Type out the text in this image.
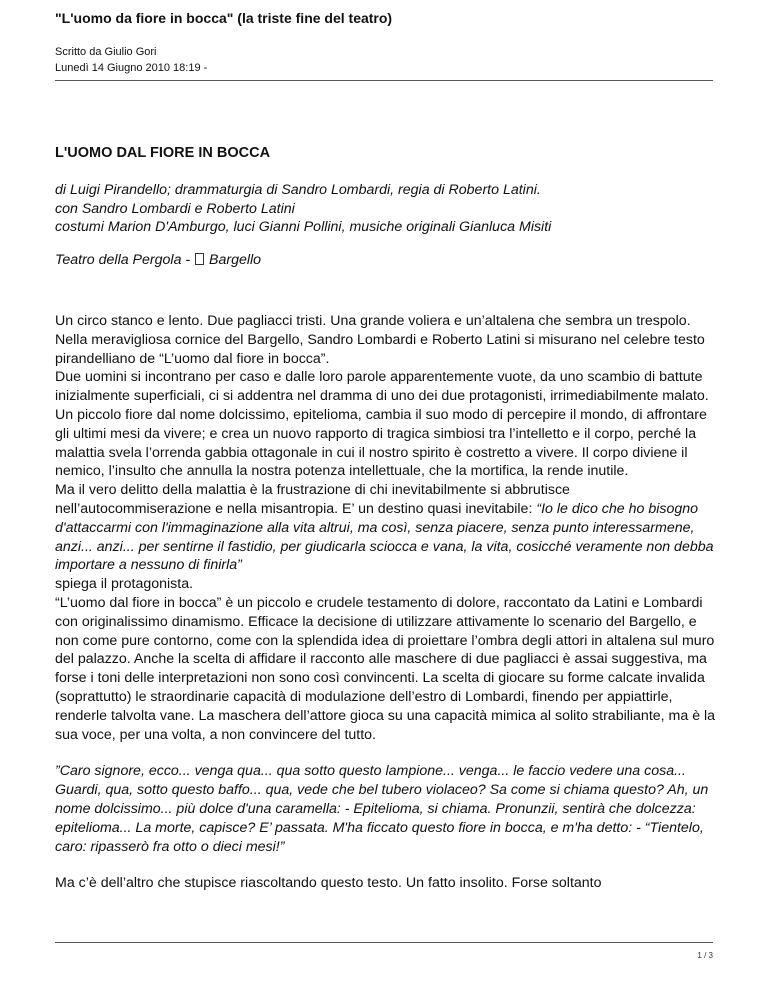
"L'uomo da fiore in bocca" (la triste fine del teatro)
Scritto da Giulio Gori
Lunedì 14 Giugno 2010 18:19 -

L'UOMO DAL FIORE IN BOCCA

di Luigi Pirandello; drammaturgia di Sandro Lombardi, regia di Roberto Latini.

con Sandro Lombardi e Roberto Latini

costumi Marion D'Amburgo, luci Gianni Pollini, musiche originali Gianluca Misiti

Teatro della Pergola -  Bargello

Un circo stanco e lento. Due pagliacci tristi. Una grande voliera e un’altalena che sembra un trespolo. Nella meravigliosa cornice del Bargello, Sandro Lombardi e Roberto Latini si misurano nel celebre testo pirandelliano de “L’uomo dal fiore in bocca”.

Due uomini si incontrano per caso e dalle loro parole apparentemente vuote, da uno scambio di battute inizialmente superficiali, ci si addentra nel dramma di uno dei due protagonisti, irrimediabilmente malato. Un piccolo fiore dal nome dolcissimo, epitelioma, cambia il suo modo di percepire il mondo, di affrontare gli ultimi mesi da vivere; e crea un nuovo rapporto di tragica simbiosi tra l’intelletto e il corpo, perché la malattia svela l’orrenda gabbia ottagonale in cui il nostro spirito è costretto a vivere. Il corpo diviene il nemico, l’insulto che annulla la nostra potenza intellettuale, che la mortifica, la rende inutile.

Ma il vero delitto della malattia è la frustrazione di chi inevitabilmente si abbrutisce nell’autocommiserazione e nella misantropia. E’ un destino quasi inevitabile: “Io le dico che ho bisogno d'attaccarmi con l'immaginazione alla vita altrui, ma così, senza piacere, senza punto interessarmene, anzi... anzi... per sentirne il fastidio, per giudicarla sciocca e vana, la vita, cosicché veramente non debba importare a nessuno di finirla”

spiega il protagonista.

“L’uomo dal fiore in bocca” è un piccolo e crudele testamento di dolore, raccontato da Latini e Lombardi con originalissimo dinamismo. Efficace la decisione di utilizzare attivamente lo scenario del Bargello, e non come pure contorno, come con la splendida idea di proiettare l’ombra degli attori in altalena sul muro del palazzo. Anche la scelta di affidare il racconto alle maschere di due pagliacci è assai suggestiva, ma forse i toni delle interpretazioni non sono così convincenti. La scelta di giocare su forme calcate invalida (soprattutto) le straordinarie capacità di modulazione dell’estro di Lombardi, finendo per appiattirle, renderle talvolta vane. La maschera dell’attore gioca su una capacità mimica al solito strabiliante, ma è la sua voce, per una volta, a non convincere del tutto.

”Caro signore, ecco... venga qua... qua sotto questo lampione... venga... le faccio vedere una cosa... Guardi, qua, sotto questo baffo... qua, vede che bel tubero violaceo? Sa come si chiama questo? Ah, un nome dolcissimo... più dolce d'una caramella: - Epitelioma, si chiama. Pronunzii, sentirà che dolcezza: epitelioma... La morte, capisce? E’ passata. M'ha ficcato questo fiore in bocca, e m'ha detto: - “Tientelo, caro: ripasserò fra otto o dieci mesi!”

Ma c’è dell’altro che stupisce riascoltando questo testo. Un fatto insolito. Forse soltanto

1 / 3
